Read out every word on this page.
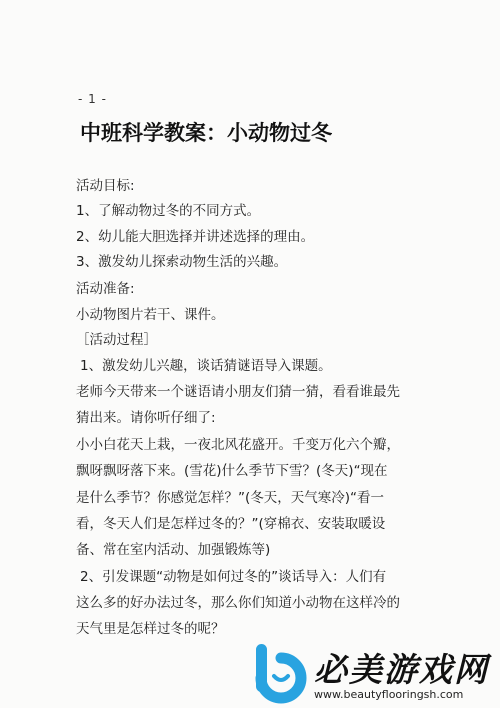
- 1 -
中班科学教案：小动物过冬
活动目标:
1、了解动物过冬的不同方式。
2、幼儿能大胆选择并讲述选择的理由。
3、激发幼儿探索动物生活的兴趣。
活动准备:
小动物图片若干、课件。
［活动过程］
1、激发幼儿兴趣，谈话猜谜语导入课题。
老师今天带来一个谜语请小朋友们猜一猜，看看谁最先
猜出来。请你听仔细了:
小小白花天上栽，一夜北风花盛开。千变万化六个瓣，
飘呀飘呀落下来。(雪花)什么季节下雪？(冬天)“现在
是什么季节？你感觉怎样？”(冬天，天气寒冷)“看一
看，冬天人们是怎样过冬的？”(穿棉衣、安装取暖设
备、常在室内活动、加强锻炼等)
2、引发课题“动物是如何过冬的”谈话导入：人们有
这么多的好办法过冬，那么你们知道小动物在这样冷的
天气里是怎样过冬的呢？
必美游戏网
www.beautyflooringsh.com
